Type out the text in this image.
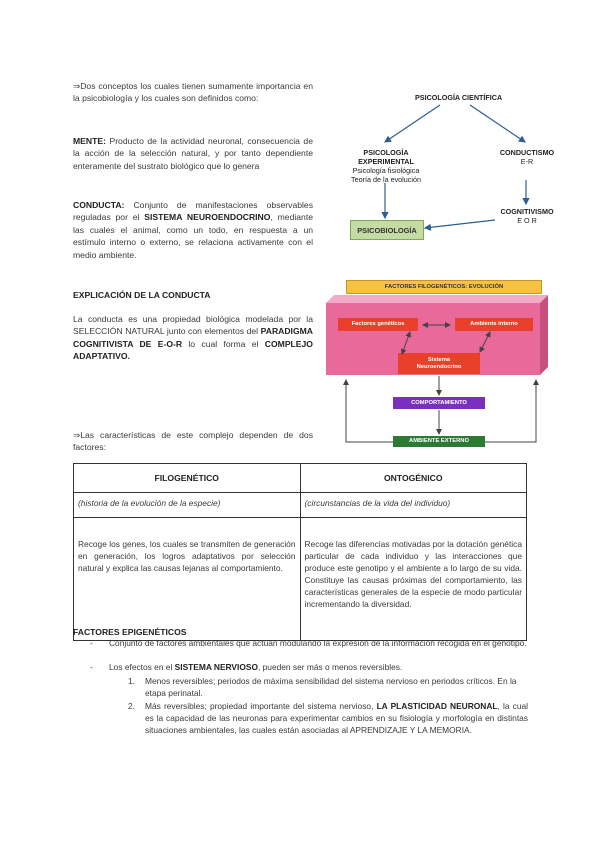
⇒Dos conceptos los cuales tienen sumamente importancia en la psicobiología y los cuales son definidos como:

MENTE: Producto de la actividad neuronal, consecuencia de la acción de la selección natural, y por tanto dependiente enteramente del sustrato biológico que lo genera

CONDUCTA: Conjunto de manifestaciones observables reguladas por el SISTEMA NEUROENDOCRINO, mediante las cuales el animal, como un todo, en respuesta a un estímulo interno o externo, se relaciona activamente con el medio ambiente.

EXPLICACIÓN DE LA CONDUCTA

La conducta es una propiedad biológica modelada por la SELECCIÓN NATURAL junto con elementos del PARADIGMA COGNITIVISTA DE E-O-R lo cual forma el COMPLEJO ADAPTATIVO.

⇒Las características de este complejo dependen de dos factores:

PSICOLOGÍA CIENTÍFICA
PSICOLOGÍA EXPERIMENTAL
Psicología fisiológica
Teoría de la evolución
CONDUCTISMO
E-R
COGNITIVISMO
E O R
PSICOBIOLOGÍA
FACTORES FILOGENÉTICOS: EVOLUCIÓN
Factores genéticos	Ambiente interno
Sistema
Neuroendocrino
COMPORTAMIENTO
AMBIENTE EXTERNO
FILOGENÉTICO	ONTOGÉNICO
(historia de la evolución de la especie)	(circunstancias de la vida del individuo)
Recoge los genes, los cuales se transmiten de generación en generación, los logros adaptativos por selección natural y explica las causas lejanas al comportamiento.	Recoge las diferencias motivadas por la dotación genética particular de cada individuo y las interacciones que produce este genotipo y el ambiente a lo largo de su vida. Constituye las causas próximas del comportamiento, las características generales de la especie de modo particular incrementando la diversidad.
FACTORES EPIGENÉTICOS
- Conjunto de factores ambientales que actúan modulando la expresión de la información recogida en el genotipo.
- Los efectos en el SISTEMA NERVIOSO, pueden ser más o menos reversibles.
1. Menos reversibles; periodos de máxima sensibilidad del sistema nervioso en periodos críticos. En la etapa perinatal.
2. Más reversibles; propiedad importante del sistema nervioso, LA PLASTICIDAD NEURONAL, la cual es la capacidad de las neuronas para experimentar cambios en su fisiología y morfología en distintas situaciones ambientales, las cuales están asociadas al APRENDIZAJE Y LA MEMORIA.
